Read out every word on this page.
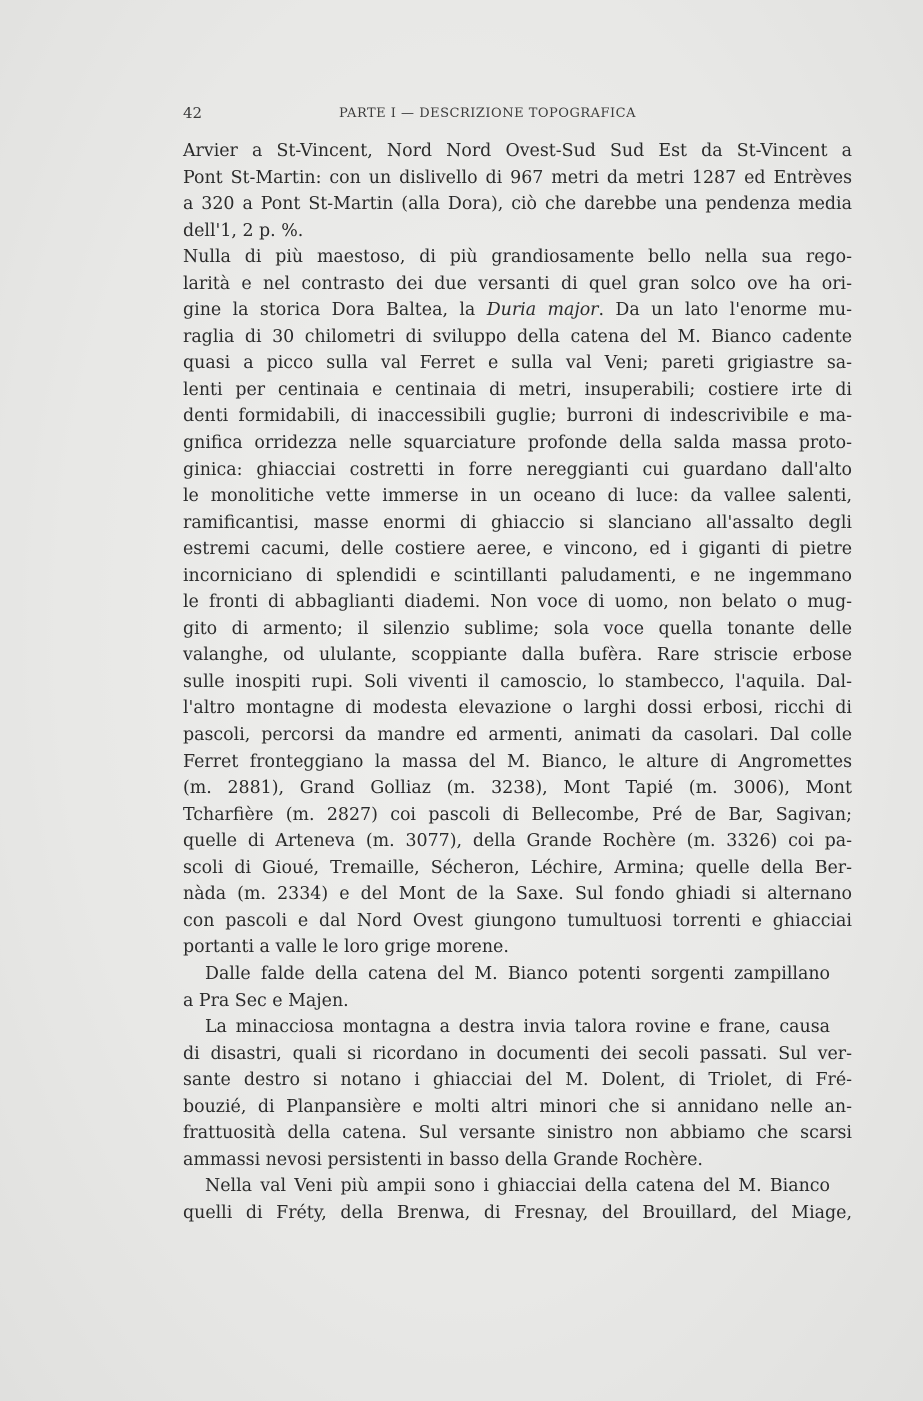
42	PARTE I — DESCRIZIONE TOPOGRAFICA
Arvier a St-Vincent, Nord Nord Ovest-Sud Sud Est da St-Vincent a
Pont St-Martin: con un dislivello di 967 metri da metri 1287 ed Entrèves
a 320 a Pont St-Martin (alla Dora), ciò che darebbe una pendenza media
dell'1, 2 p. %.
Nulla di più maestoso, di più grandiosamente bello nella sua rego-
larità e nel contrasto dei due versanti di quel gran solco ove ha ori-
gine la storica Dora Baltea, la Duria major. Da un lato l'enorme mu-
raglia di 30 chilometri di sviluppo della catena del M. Bianco cadente
quasi a picco sulla val Ferret e sulla val Veni; pareti grigiastre sa-
lenti per centinaia e centinaia di metri, insuperabili; costiere irte di
denti formidabili, di inaccessibili guglie; burroni di indescrivibile e ma-
gnifica orridezza nelle squarciature profonde della salda massa proto-
ginica: ghiacciai costretti in forre nereggianti cui guardano dall'alto
le monolitiche vette immerse in un oceano di luce: da vallee salenti,
ramificantisi, masse enormi di ghiaccio si slanciano all'assalto degli
estremi cacumi, delle costiere aeree, e vincono, ed i giganti di pietre
incorniciano di splendidi e scintillanti paludamenti, e ne ingemmano
le fronti di abbaglianti diademi. Non voce di uomo, non belato o mug-
gito di armento; il silenzio sublime; sola voce quella tonante delle
valanghe, od ululante, scoppiante dalla bufèra. Rare striscie erbose
sulle inospiti rupi. Soli viventi il camoscio, lo stambecco, l'aquila. Dal-
l'altro montagne di modesta elevazione o larghi dossi erbosi, ricchi di
pascoli, percorsi da mandre ed armenti, animati da casolari. Dal colle
Ferret fronteggiano la massa del M. Bianco, le alture di Angromettes
(m. 2881), Grand Golliaz (m. 3238), Mont Tapié (m. 3006), Mont
Tcharfière (m. 2827) coi pascoli di Bellecombe, Pré de Bar, Sagivan;
quelle di Arteneva (m. 3077), della Grande Rochère (m. 3326) coi pa-
scoli di Gioué, Tremaille, Sécheron, Léchire, Armina; quelle della Ber-
nàda (m. 2334) e del Mont de la Saxe. Sul fondo ghiadi si alternano
con pascoli e dal Nord Ovest giungono tumultuosi torrenti e ghiacciai
portanti a valle le loro grige morene.
Dalle falde della catena del M. Bianco potenti sorgenti zampillano
a Pra Sec e Majen.
La minacciosa montagna a destra invia talora rovine e frane, causa
di disastri, quali si ricordano in documenti dei secoli passati. Sul ver-
sante destro si notano i ghiacciai del M. Dolent, di Triolet, di Fré-
bouzié, di Planpansière e molti altri minori che si annidano nelle an-
frattuosità della catena. Sul versante sinistro non abbiamo che scarsi
ammassi nevosi persistenti in basso della Grande Rochère.
Nella val Veni più ampii sono i ghiacciai della catena del M. Bianco
quelli di Fréty, della Brenwa, di Fresnay, del Brouillard, del Miage,
